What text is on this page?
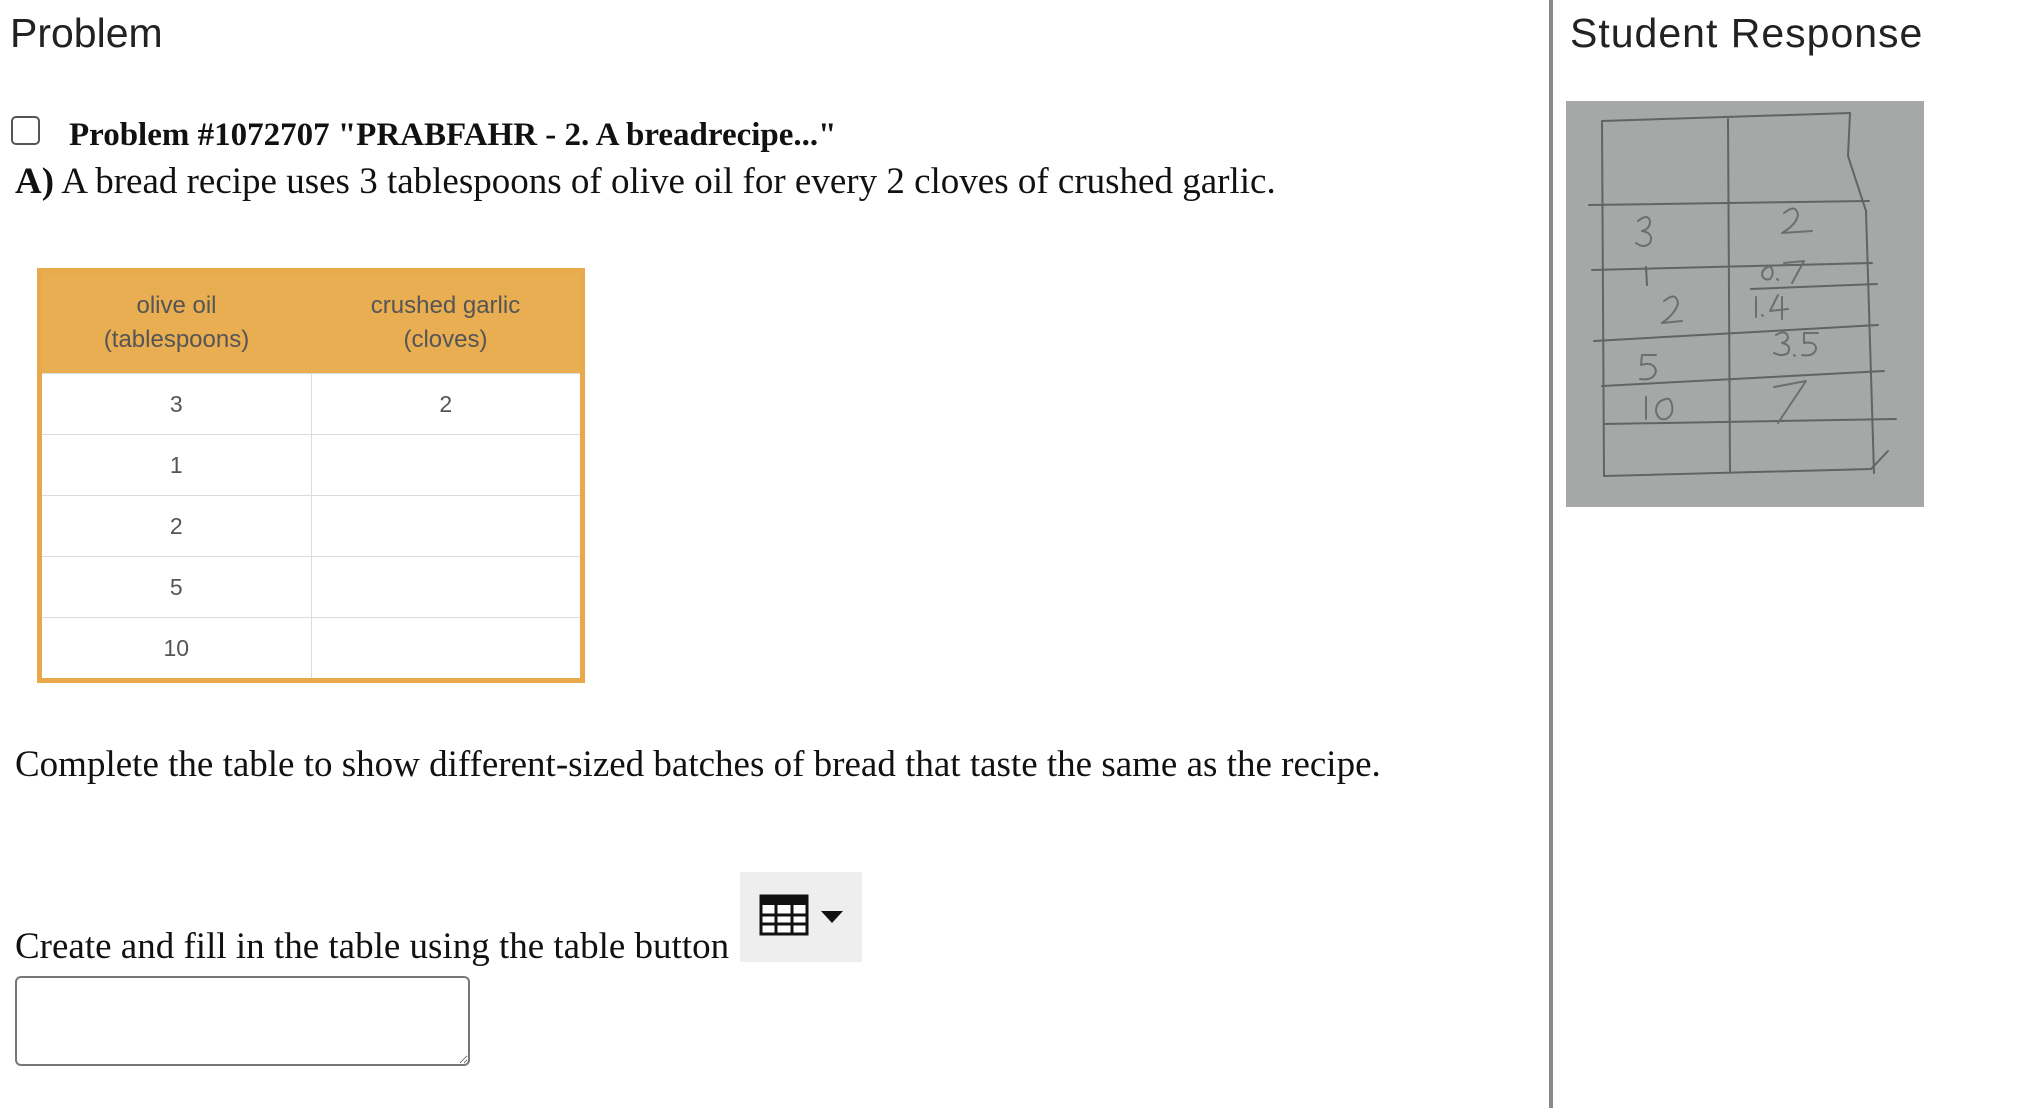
Problem	Student Response
Problem #1072707 "PRABFAHR - 2. A breadrecipe..."
A) A bread recipe uses 3 tablespoons of olive oil for every 2 cloves of crushed garlic.
olive oil
(tablespoons)
crushed garlic
(cloves)
3	2
1
2
5
10
Complete the table to show different-sized batches of bread that taste the same as the recipe.
Create and fill in the table using the table button
